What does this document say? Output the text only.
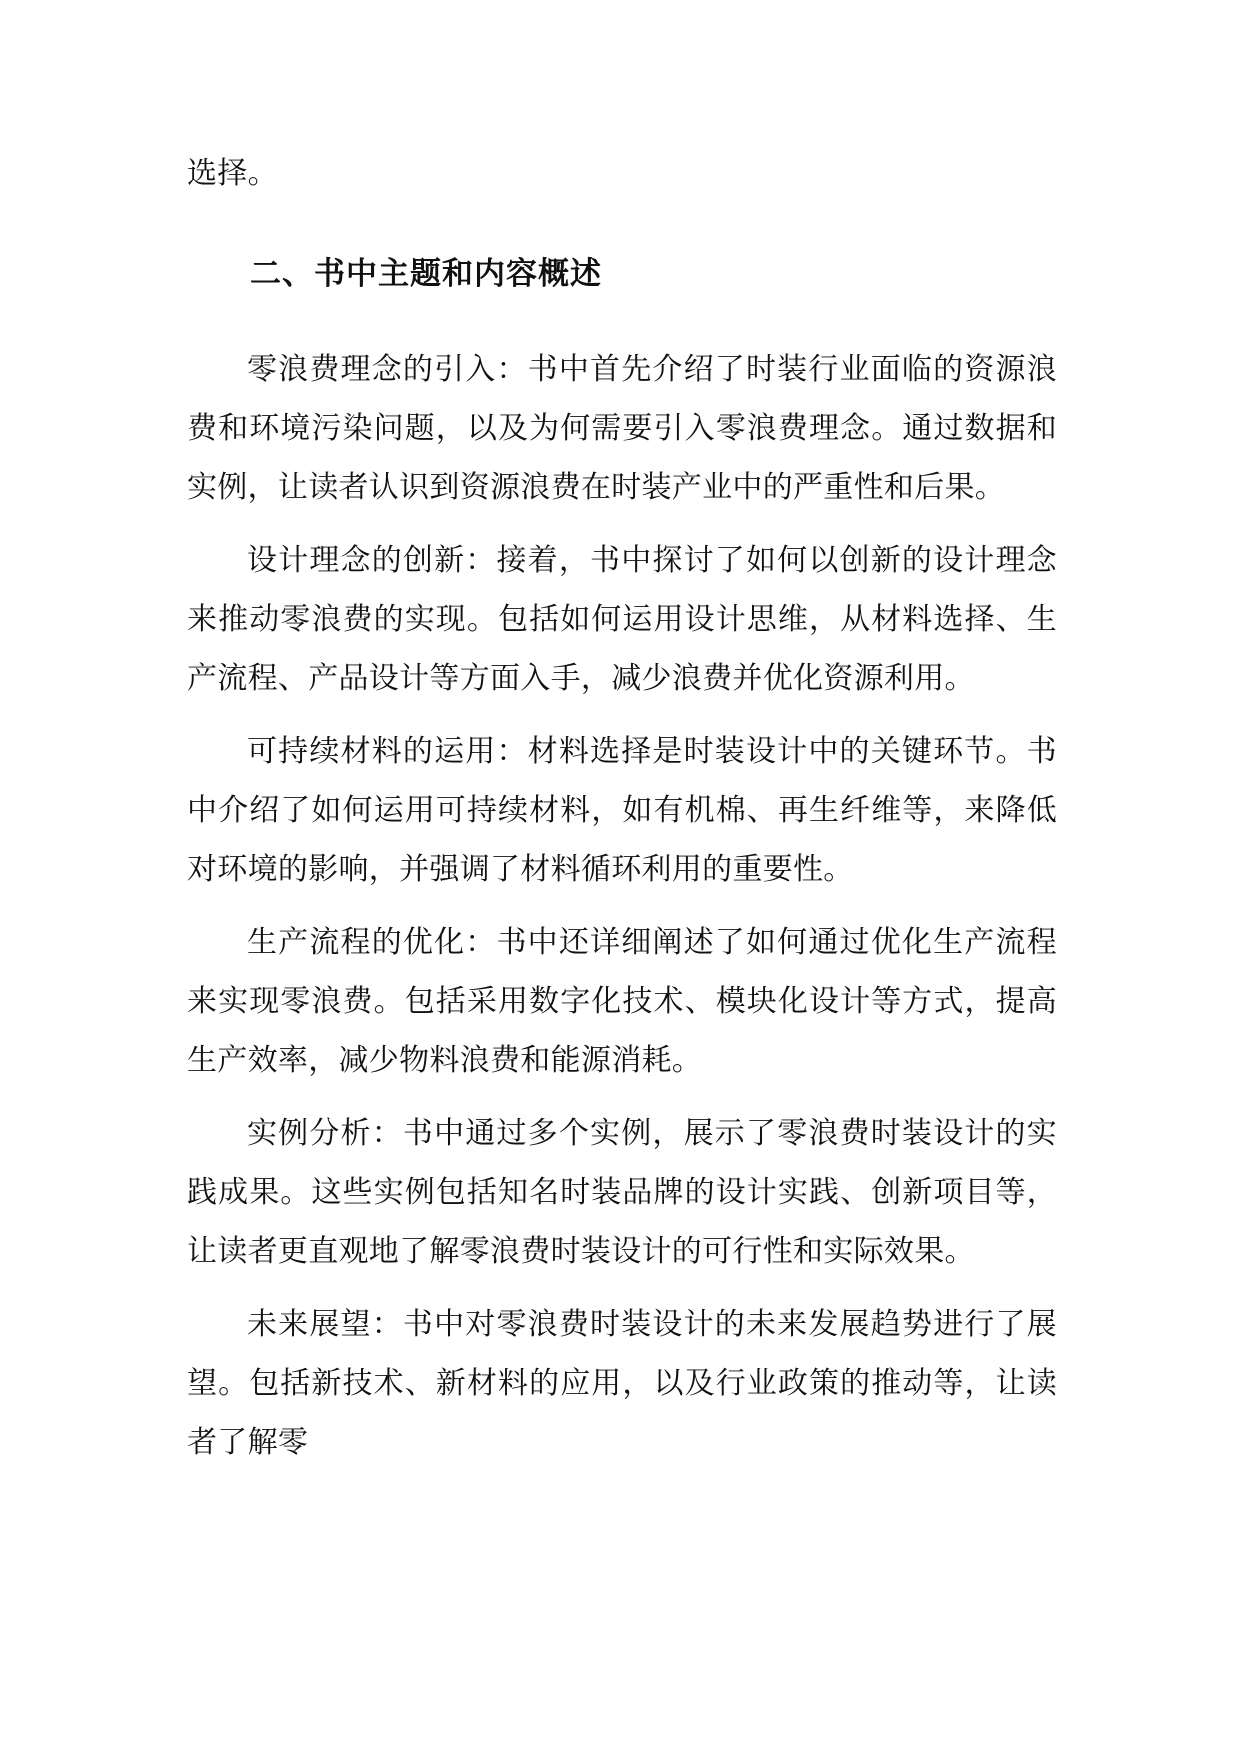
选择。

二、书中主题和内容概述

零浪费理念的引入：书中首先介绍了时装行业面临的资源浪费和环境污染问题，以及为何需要引入零浪费理念。通过数据和实例，让读者认识到资源浪费在时装产业中的严重性和后果。

设计理念的创新：接着，书中探讨了如何以创新的设计理念来推动零浪费的实现。包括如何运用设计思维，从材料选择、生产流程、产品设计等方面入手，减少浪费并优化资源利用。

可持续材料的运用：材料选择是时装设计中的关键环节。书中介绍了如何运用可持续材料，如有机棉、再生纤维等，来降低对环境的影响，并强调了材料循环利用的重要性。

生产流程的优化：书中还详细阐述了如何通过优化生产流程来实现零浪费。包括采用数字化技术、模块化设计等方式，提高生产效率，减少物料浪费和能源消耗。

实例分析：书中通过多个实例，展示了零浪费时装设计的实践成果。这些实例包括知名时装品牌的设计实践、创新项目等，让读者更直观地了解零浪费时装设计的可行性和实际效果。

未来展望：书中对零浪费时装设计的未来发展趋势进行了展望。包括新技术、新材料的应用，以及行业政策的推动等，让读者了解零
